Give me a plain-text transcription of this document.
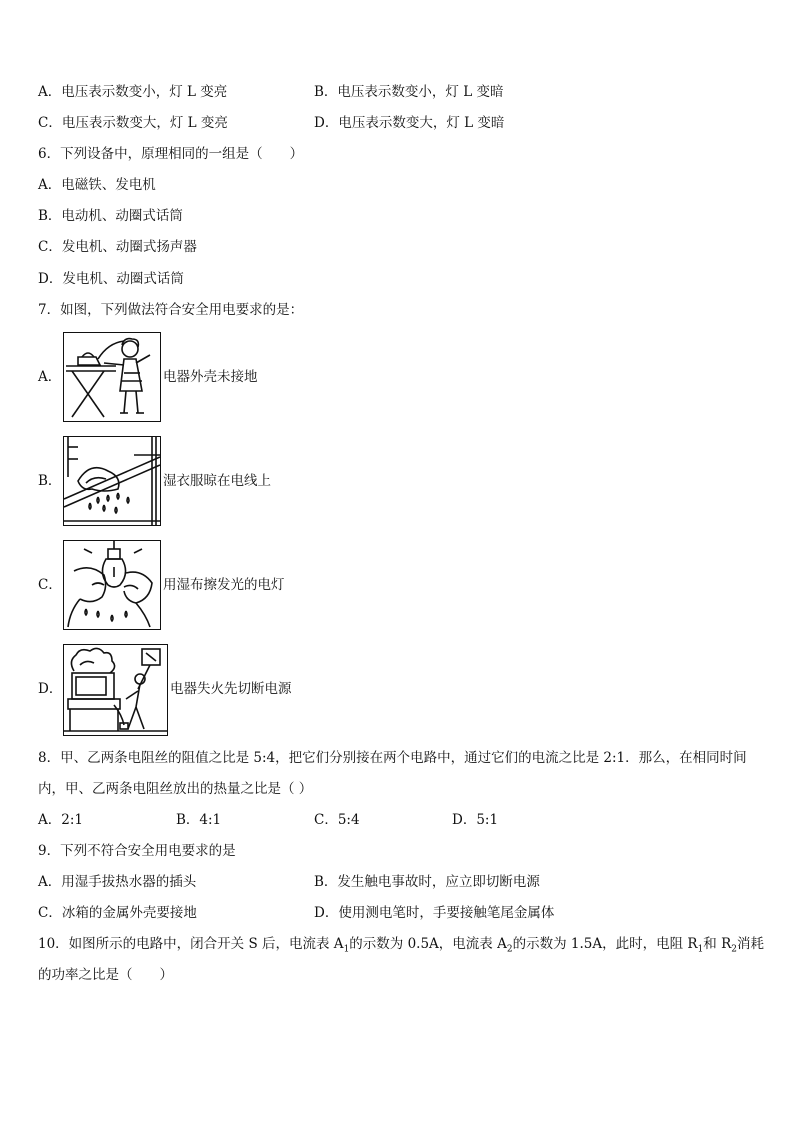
A．电压表示数变小，灯 L 变亮	B．电压表示数变小，灯 L 变暗
C．电压表示数变大，灯 L 变亮	D．电压表示数变大，灯 L 变暗
6．下列设备中，原理相同的一组是（　　）
A．电磁铁、发电机
B．电动机、动圈式话筒
C．发电机、动圈式扬声器
D．发电机、动圈式话筒
7．如图，下列做法符合安全用电要求的是：
A．	电器外壳未接地
B．	湿衣服晾在电线上
C．	用湿布擦发光的电灯
D．	电器失火先切断电源
8．甲、乙两条电阻丝的阻值之比是 5:4，把它们分别接在两个电路中，通过它们的电流之比是 2:1．那么，在相同时间
内，甲、乙两条电阻丝放出的热量之比是（ ）
A．2:1	B．4:1	C．5:4	D．5:1
9．下列不符合安全用电要求的是
A．用湿手拔热水器的插头	B．发生触电事故时，应立即切断电源
C．冰箱的金属外壳要接地	D．使用测电笔时，手要接触笔尾金属体
10．如图所示的电路中，闭合开关 S 后，电流表 $A_1$的示数为 0.5A，电流表 $A_2$的示数为 1.5A，此时，电阻 $R_1$和 $R_2$消耗
的功率之比是（　　）
